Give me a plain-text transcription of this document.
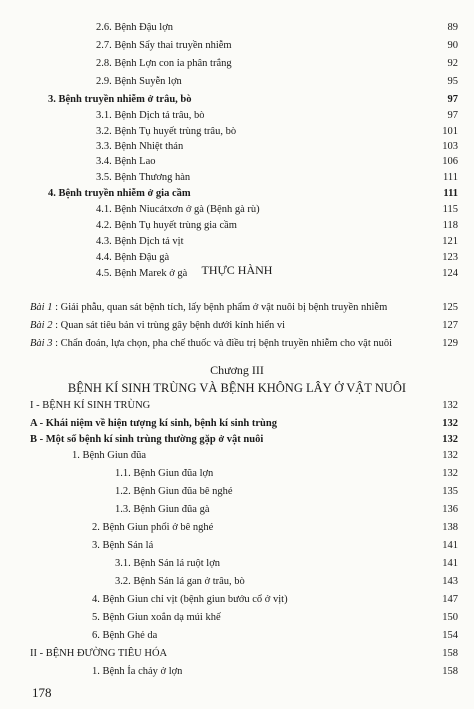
2.6. Bệnh Đậu lợn	89
2.7. Bệnh Sẩy thai truyền nhiễm	90
2.8. Bệnh Lợn con ỉa phân trắng	92
2.9. Bệnh Suyễn lợn	95
3. Bệnh truyền nhiễm ở trâu, bò	97
3.1. Bệnh Dịch tả trâu, bò	97
3.2. Bệnh Tụ huyết trùng trâu, bò	101
3.3. Bệnh Nhiệt thán	103
3.4. Bệnh Lao	106
3.5. Bệnh Thương hàn	111
4. Bệnh truyền nhiễm ở gia cầm	111
4.1. Bệnh Niucátxơn ở gà (Bệnh gà rù)	115
4.2. Bệnh Tụ huyết trùng gia cầm	118
4.3. Bệnh Dịch tả vịt	121
4.4. Bệnh Đậu gà	123
4.5. Bệnh Marek ở gà	124
THỰC HÀNH
Bài 1 : Giải phẫu, quan sát bệnh tích, lấy bệnh phẩm ở vật nuôi bị bệnh truyền nhiễm	125
Bài 2 : Quan sát tiêu bản vi trùng gây bệnh dưới kính hiển vi	127
Bài 3 : Chẩn đoán, lựa chọn, pha chế thuốc và điều trị bệnh truyền nhiễm cho vật nuôi	129
Chương III
BỆNH KÍ SINH TRÙNG VÀ BỆNH KHÔNG LÂY Ở VẬT NUÔI
I - BỆNH KÍ SINH TRÙNG	132
A - Khái niệm về hiện tượng kí sinh, bệnh kí sinh trùng	132
B - Một số bệnh kí sinh trùng thường gặp ở vật nuôi	132
1. Bệnh Giun đũa	132
1.1. Bệnh Giun đũa lợn	132
1.2. Bệnh Giun đũa bê nghé	135
1.3. Bệnh Giun đũa gà	136
2. Bệnh Giun phổi ở bê nghé	138
3. Bệnh Sán lá	141
3.1. Bệnh Sán lá ruột lợn	141
3.2. Bệnh Sán lá gan ở trâu, bò	143
4. Bệnh Giun chỉ vịt (bệnh giun bướu cổ ở vịt)	147
5. Bệnh Giun xoắn dạ múi khế	150
6. Bệnh Ghẻ da	154
II - BỆNH ĐƯỜNG TIÊU HÓA	158
1. Bệnh Ỉa chảy ở lợn	158
178
